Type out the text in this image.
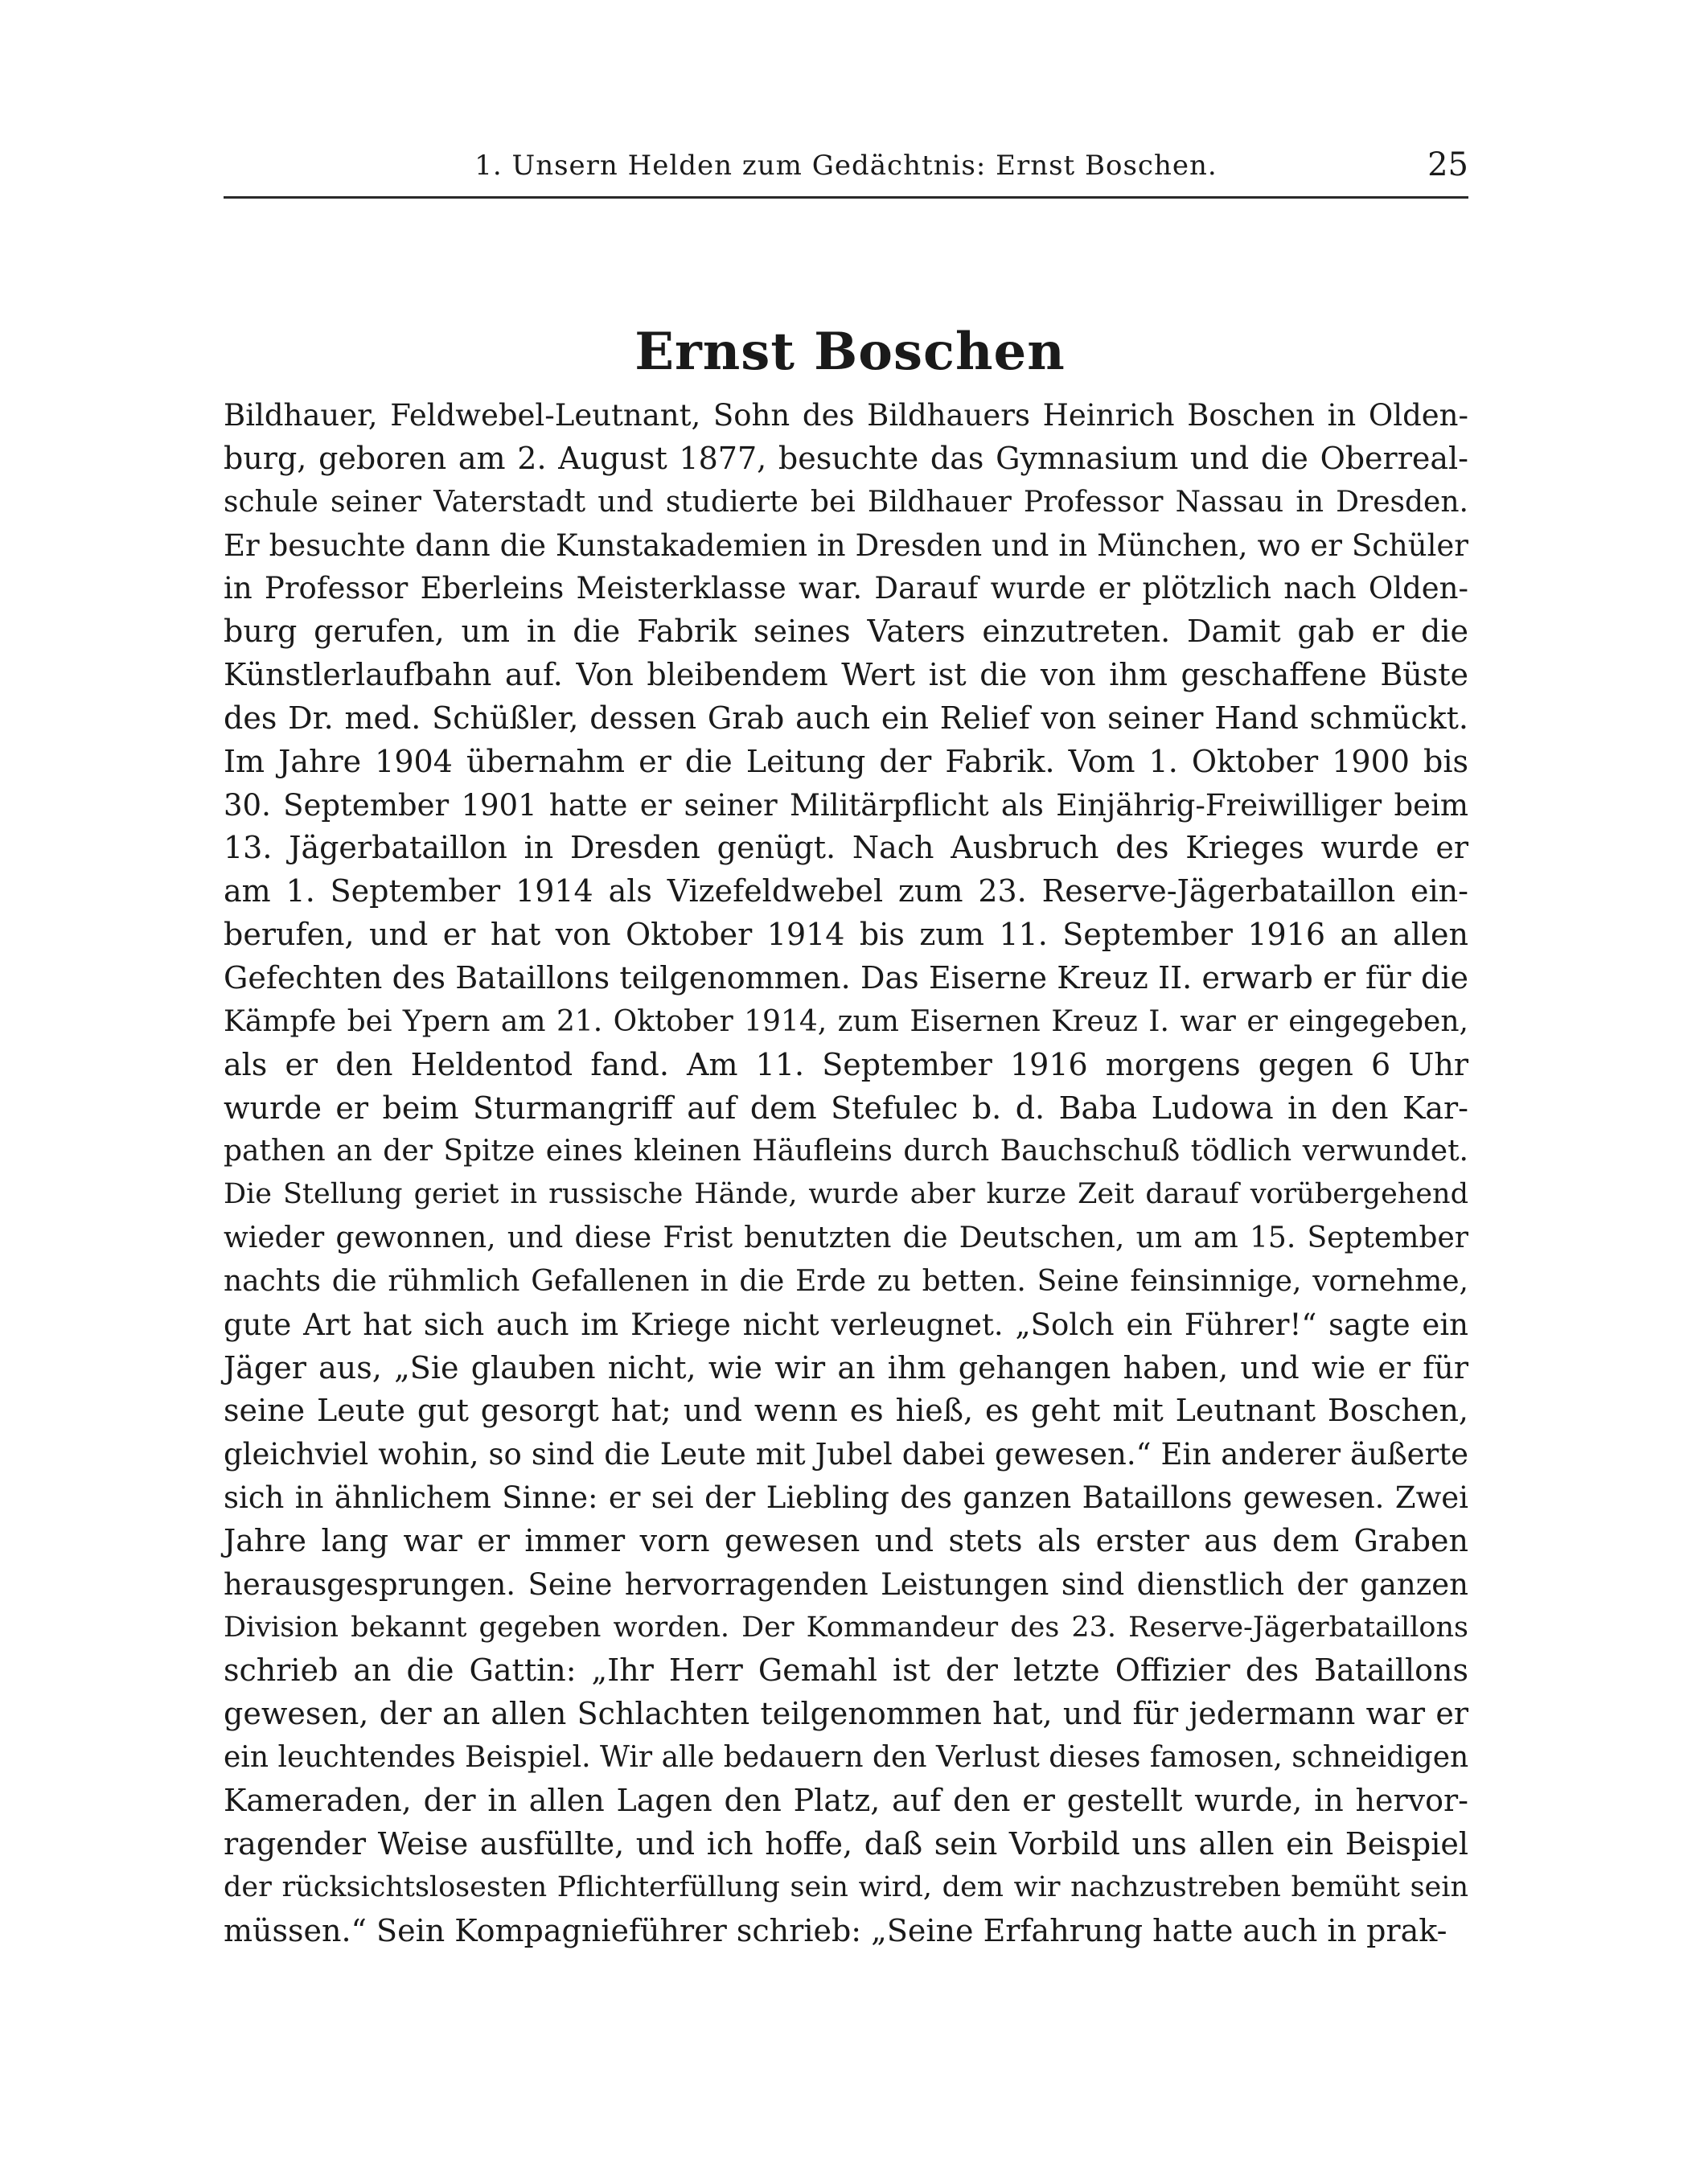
1. Unsern Helden zum Gedächtnis: Ernst Boschen.	25
Ernst Boschen
Bildhauer, Feldwebel-Leutnant, Sohn des Bildhauers Heinrich Boschen in Olden-
burg, geboren am 2. August 1877, besuchte das Gymnasium und die Oberreal-
schule seiner Vaterstadt und studierte bei Bildhauer Professor Nassau in Dresden.
Er besuchte dann die Kunstakademien in Dresden und in München, wo er Schüler
in Professor Eberleins Meisterklasse war. Darauf wurde er plötzlich nach Olden-
burg gerufen, um in die Fabrik seines Vaters einzutreten. Damit gab er die
Künstlerlaufbahn auf. Von bleibendem Wert ist die von ihm geschaffene Büste
des Dr. med. Schüßler, dessen Grab auch ein Relief von seiner Hand schmückt.
Im Jahre 1904 übernahm er die Leitung der Fabrik. Vom 1. Oktober 1900 bis
30. September 1901 hatte er seiner Militärpflicht als Einjährig-Freiwilliger beim
13. Jägerbataillon in Dresden genügt. Nach Ausbruch des Krieges wurde er
am 1. September 1914 als Vizefeldwebel zum 23. Reserve-Jägerbataillon ein-
berufen, und er hat von Oktober 1914 bis zum 11. September 1916 an allen
Gefechten des Bataillons teilgenommen. Das Eiserne Kreuz II. erwarb er für die
Kämpfe bei Ypern am 21. Oktober 1914, zum Eisernen Kreuz I. war er eingegeben,
als er den Heldentod fand. Am 11. September 1916 morgens gegen 6 Uhr
wurde er beim Sturmangriff auf dem Stefulec b. d. Baba Ludowa in den Kar-
pathen an der Spitze eines kleinen Häufleins durch Bauchschuß tödlich verwundet.
Die Stellung geriet in russische Hände, wurde aber kurze Zeit darauf vorübergehend
wieder gewonnen, und diese Frist benutzten die Deutschen, um am 15. September
nachts die rühmlich Gefallenen in die Erde zu betten. Seine feinsinnige, vornehme,
gute Art hat sich auch im Kriege nicht verleugnet. „Solch ein Führer!“ sagte ein
Jäger aus, „Sie glauben nicht, wie wir an ihm gehangen haben, und wie er für
seine Leute gut gesorgt hat; und wenn es hieß, es geht mit Leutnant Boschen,
gleichviel wohin, so sind die Leute mit Jubel dabei gewesen.“ Ein anderer äußerte
sich in ähnlichem Sinne: er sei der Liebling des ganzen Bataillons gewesen. Zwei
Jahre lang war er immer vorn gewesen und stets als erster aus dem Graben
herausgesprungen. Seine hervorragenden Leistungen sind dienstlich der ganzen
Division bekannt gegeben worden. Der Kommandeur des 23. Reserve-Jägerbataillons
schrieb an die Gattin: „Ihr Herr Gemahl ist der letzte Offizier des Bataillons
gewesen, der an allen Schlachten teilgenommen hat, und für jedermann war er
ein leuchtendes Beispiel. Wir alle bedauern den Verlust dieses famosen, schneidigen
Kameraden, der in allen Lagen den Platz, auf den er gestellt wurde, in hervor-
ragender Weise ausfüllte, und ich hoffe, daß sein Vorbild uns allen ein Beispiel
der rücksichtslosesten Pflichterfüllung sein wird, dem wir nachzustreben bemüht sein
müssen.“ Sein Kompagnieführer schrieb: „Seine Erfahrung hatte auch in prak-
